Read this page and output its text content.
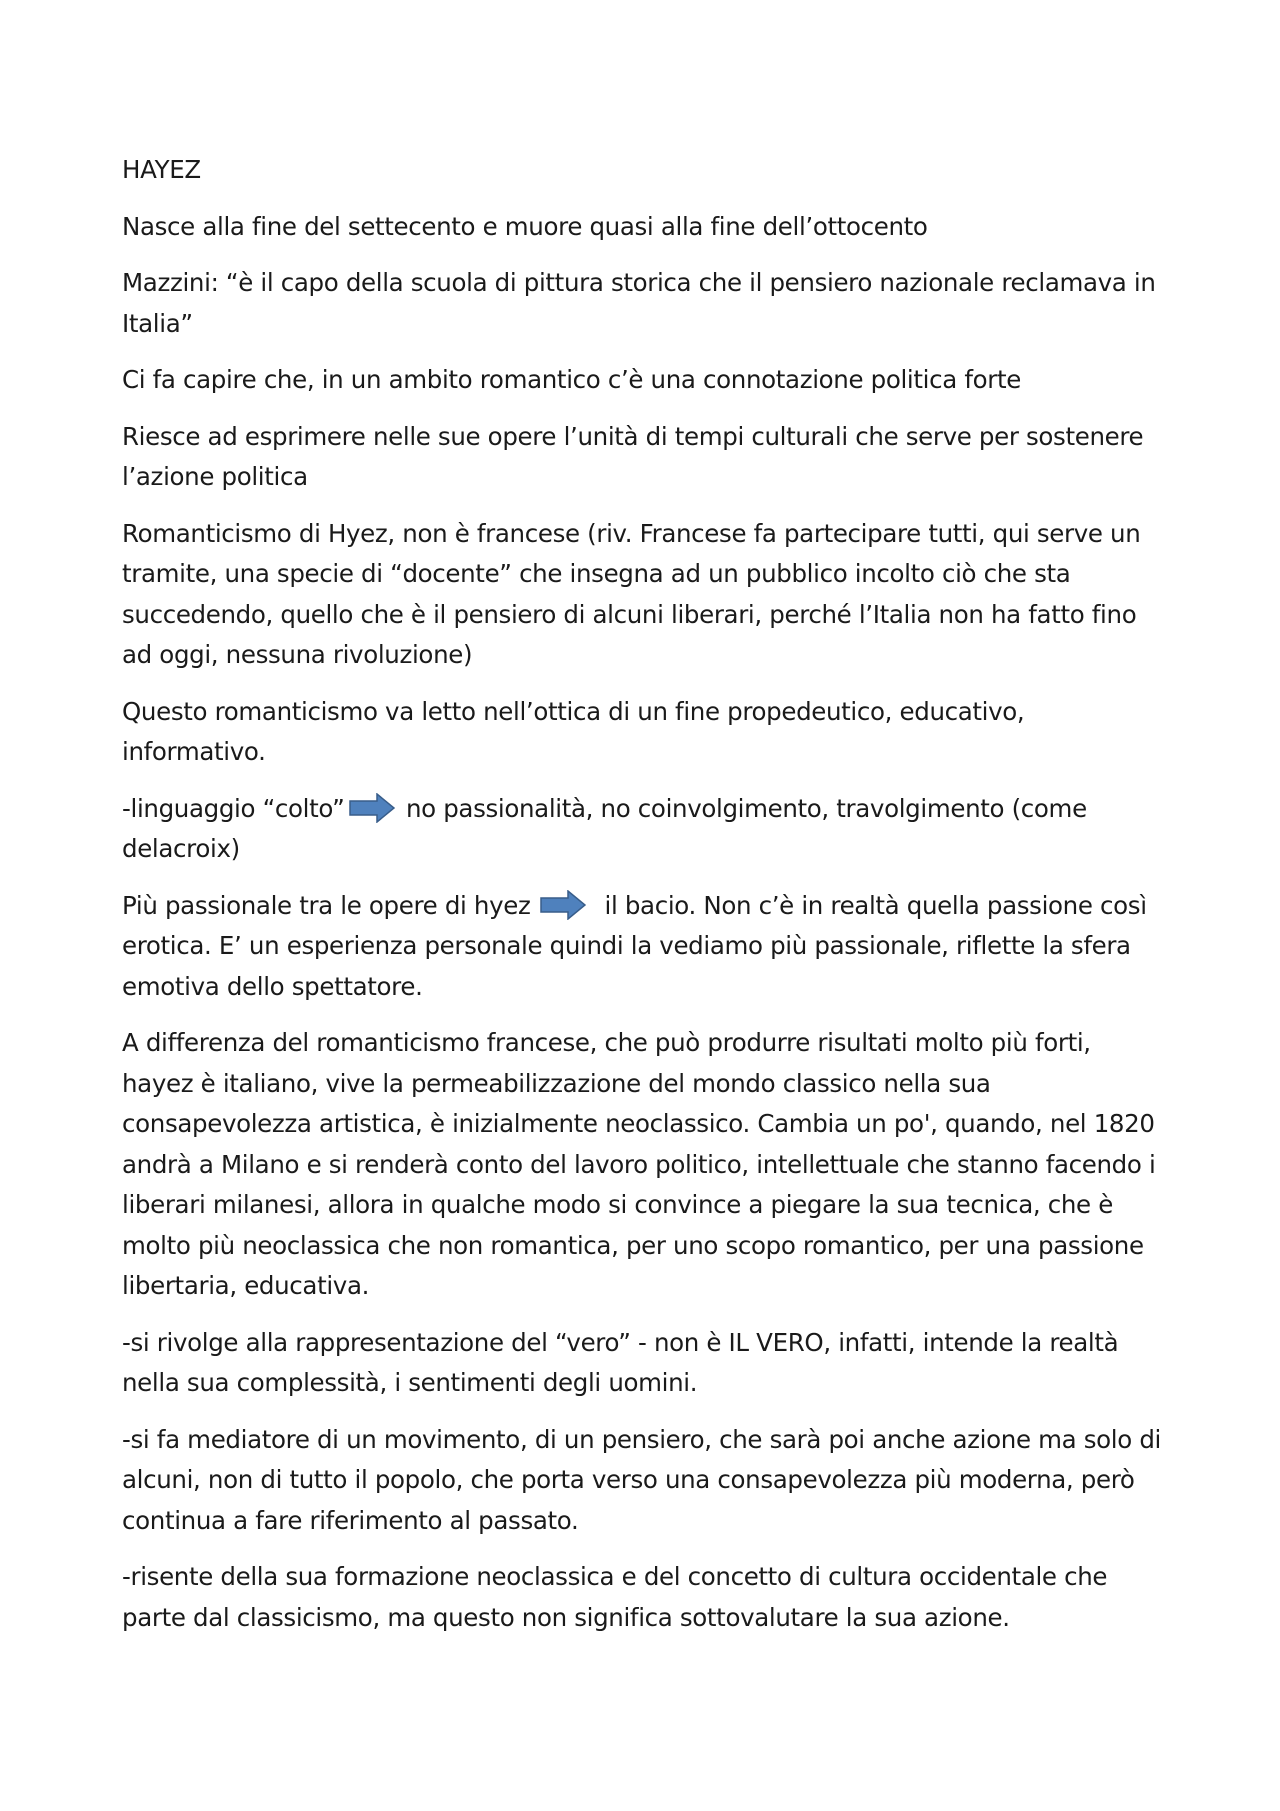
HAYEZ

Nasce alla fine del settecento e muore quasi alla fine dell’ottocento

Mazzini: “è il capo della scuola di pittura storica che il pensiero nazionale reclamava in Italia”

Ci fa capire che, in un ambito romantico c’è una connotazione politica forte

Riesce ad esprimere nelle sue opere l’unità di tempi culturali che serve per sostenere l’azione politica

Romanticismo di Hyez, non è francese (riv. Francese fa partecipare tutti, qui serve un tramite, una specie di “docente” che insegna ad un pubblico incolto ciò che sta succedendo, quello che è il pensiero di alcuni liberari, perché l’Italia non ha fatto fino ad oggi, nessuna rivoluzione)

Questo romanticismo va letto nell’ottica di un fine propedeutico, educativo, informativo.

-linguaggio “colto”	no passionalità, no coinvolgimento, travolgimento (come delacroix)

Più passionale tra le opere di hyez	il bacio. Non c’è in realtà quella passione così erotica. E’ un esperienza personale quindi la vediamo più passionale, riflette la sfera emotiva dello spettatore.

A differenza del romanticismo francese, che può produrre risultati molto più forti, hayez è italiano, vive la permeabilizzazione del mondo classico nella sua consapevolezza artistica, è inizialmente neoclassico. Cambia un po', quando, nel 1820 andrà a Milano e si renderà conto del lavoro politico, intellettuale che stanno facendo i liberari milanesi, allora in qualche modo si convince a piegare la sua tecnica, che è molto più neoclassica che non romantica, per uno scopo romantico, per una passione libertaria, educativa.

-si rivolge alla rappresentazione del “vero” - non è IL VERO, infatti, intende la realtà nella sua complessità, i sentimenti degli uomini.

-si fa mediatore di un movimento, di un pensiero, che sarà poi anche azione ma solo di alcuni, non di tutto il popolo, che porta verso una consapevolezza più moderna, però continua a fare riferimento al passato.

-risente della sua formazione neoclassica e del concetto di cultura occidentale che parte dal classicismo, ma questo non significa sottovalutare la sua azione.
